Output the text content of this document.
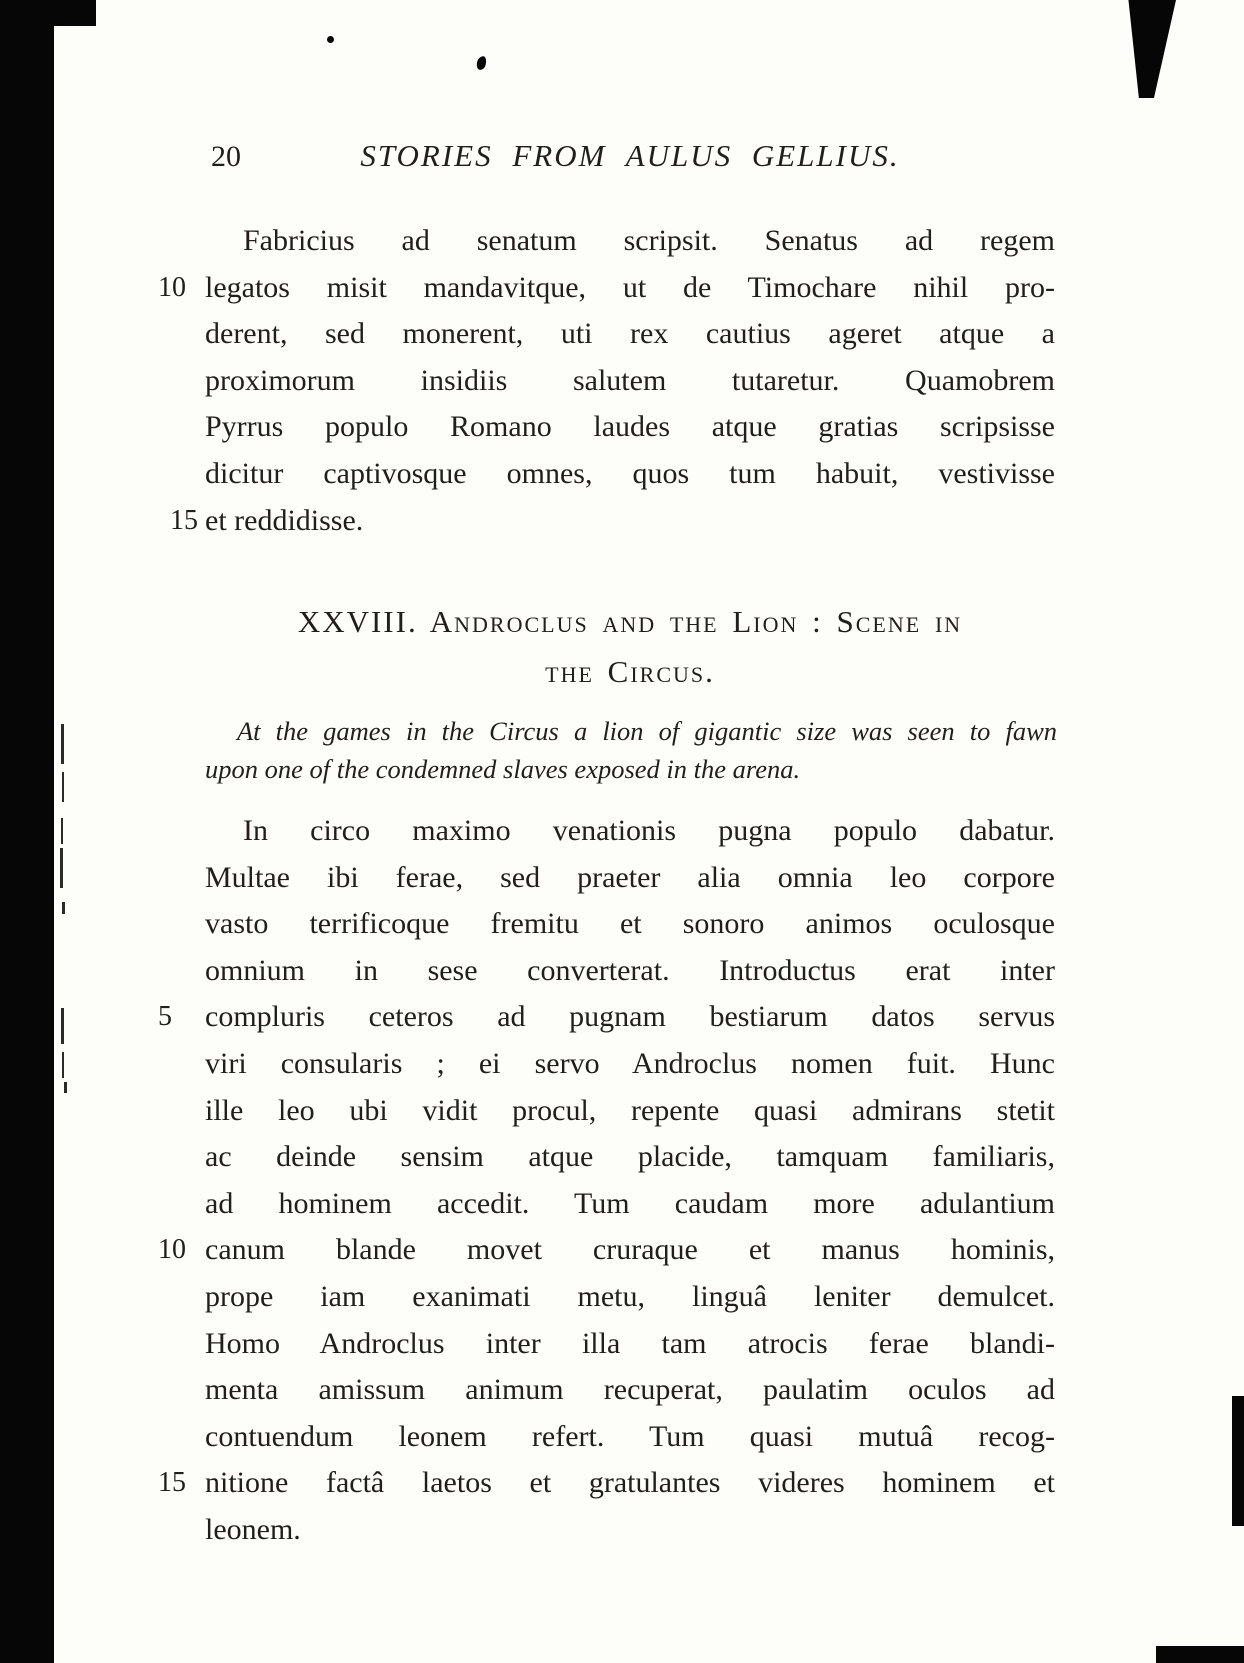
20	STORIES FROM AULUS GELLIUS.
Fabricius ad senatum scripsit. Senatus ad regem
10 legatos misit mandavitque, ut de Timochare nihil pro-
derent, sed monerent, uti rex cautius ageret atque a
proximorum insidiis salutem tutaretur. Quamobrem
Pyrrus populo Romano laudes atque gratias scripsisse
dicitur captivosque omnes, quos tum habuit, vestivisse
15 et reddidisse.
XXVIII. Androclus and the Lion : Scene in
the Circus.
At the games in the Circus a lion of gigantic size was seen to fawn
upon one of the condemned slaves exposed in the arena.
In circo maximo venationis pugna populo dabatur.
Multae ibi ferae, sed praeter alia omnia leo corpore
vasto terrificoque fremitu et sonoro animos oculosque
omnium in sese converterat. Introductus erat inter
5	compluris ceteros ad pugnam bestiarum datos servus
viri consularis ; ei servo Androclus nomen fuit. Hunc
ille leo ubi vidit procul, repente quasi admirans stetit
ac deinde sensim atque placide, tamquam familiaris,
ad hominem accedit. Tum caudam more adulantium
10 canum blande movet cruraque et manus hominis,
prope iam exanimati metu, linguâ leniter demulcet.
Homo Androclus inter illa tam atrocis ferae blandi-
menta amissum animum recuperat, paulatim oculos ad
contuendum leonem refert. Tum quasi mutuâ recog-
15 nitione factâ laetos et gratulantes videres hominem et
leonem.
